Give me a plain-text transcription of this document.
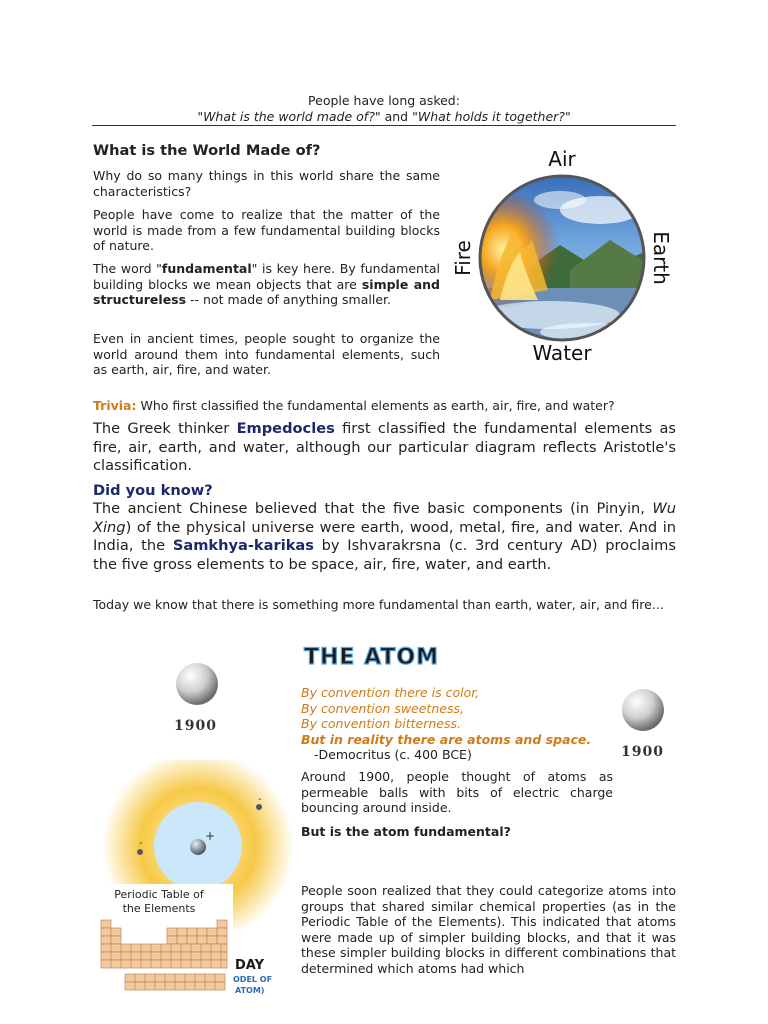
People have long asked:
"What is the world made of?" and "What holds it together?"
What is the World Made of?
Why do so many things in this world share the same characteristics?
People have come to realize that the matter of the world is made from a few fundamental building blocks of nature.
The word "fundamental" is key here. By fundamental building blocks we mean objects that are simple and structureless -- not made of anything smaller.
Even in ancient times, people sought to organize the world around them into fundamental elements, such as earth, air, fire, and water.
Air
Water
Earth
Fire
Trivia: Who first classified the fundamental elements as earth, air, fire, and water?
The Greek thinker Empedocles first classified the fundamental elements as fire, air, earth, and water, although our particular diagram reflects Aristotle's classification.
Did you know?
The ancient Chinese believed that the five basic components (in Pinyin, Wu Xing) of the physical universe were earth, wood, metal, fire, and water. And in India, the Samkhya-karikas by Ishvarakrsna (c. 3rd century AD) proclaims the five gross elements to be space, air, fire, water, and earth.
Today we know that there is something more fundamental than earth, water, air, and fire...
THE ATOM
1900
1900
By convention there is color,
By convention sweetness,
By convention bitterness.
But in reality there are atoms and space.
-Democritus (c. 400 BCE)
Around 1900, people thought of atoms as permeable balls with bits of electric charge bouncing around inside.
But is the atom fundamental?
People soon realized that they could categorize atoms into groups that shared similar chemical properties (as in the Periodic Table of the Elements). This indicated that atoms were made up of simpler building blocks, and that it was these simpler building blocks in different combinations that determined which atoms had which
+
-
-
Periodic Table of
the Elements
DAY
ODEL OF
ATOM)
